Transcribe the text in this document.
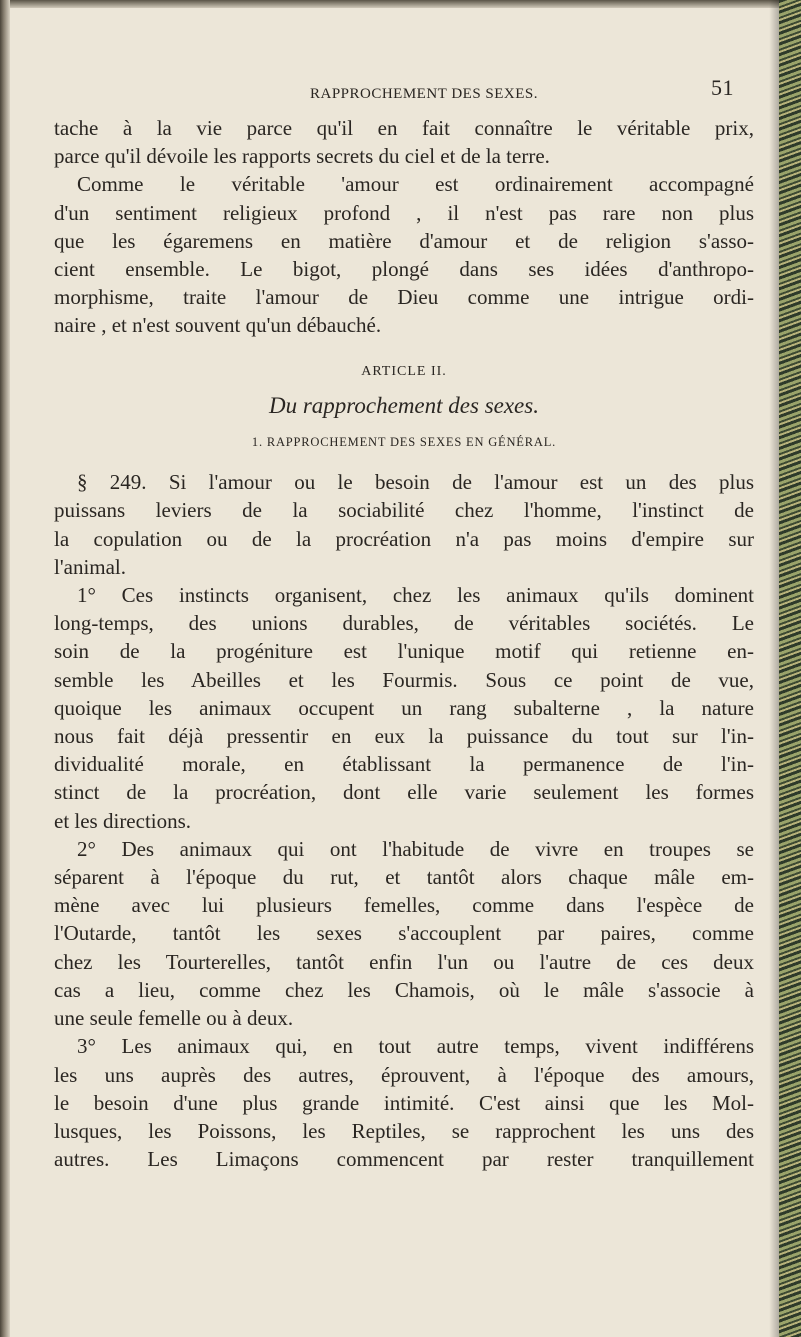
RAPPROCHEMENT DES SEXES.	51
tache à la vie parce qu'il en fait connaître le véritable prix,
parce qu'il dévoile les rapports secrets du ciel et de la terre.
Comme le véritable 'amour est ordinairement accompagné
d'un sentiment religieux profond , il n'est pas rare non plus
que les égaremens en matière d'amour et de religion s'asso-
cient ensemble. Le bigot, plongé dans ses idées d'anthropo-
morphisme, traite l'amour de Dieu comme une intrigue ordi-
naire , et n'est souvent qu'un débauché.
ARTICLE II.
Du rapprochement des sexes.
1. RAPPROCHEMENT DES SEXES EN GÉNÉRAL.
§ 249. Si l'amour ou le besoin de l'amour est un des plus
puissans leviers de la sociabilité chez l'homme, l'instinct de
la copulation ou de la procréation n'a pas moins d'empire sur
l'animal.
1° Ces instincts organisent, chez les animaux qu'ils dominent
long-temps, des unions durables, de véritables sociétés. Le
soin de la progéniture est l'unique motif qui retienne en-
semble les Abeilles et les Fourmis. Sous ce point de vue,
quoique les animaux occupent un rang subalterne , la nature
nous fait déjà pressentir en eux la puissance du tout sur l'in-
dividualité morale, en établissant la permanence de l'in-
stinct de la procréation, dont elle varie seulement les formes
et les directions.
2° Des animaux qui ont l'habitude de vivre en troupes se
séparent à l'époque du rut, et tantôt alors chaque mâle em-
mène avec lui plusieurs femelles, comme dans l'espèce de
l'Outarde, tantôt les sexes s'accouplent par paires, comme
chez les Tourterelles, tantôt enfin l'un ou l'autre de ces deux
cas a lieu, comme chez les Chamois, où le mâle s'associe à
une seule femelle ou à deux.
3° Les animaux qui, en tout autre temps, vivent indifférens
les uns auprès des autres, éprouvent, à l'époque des amours,
le besoin d'une plus grande intimité. C'est ainsi que les Mol-
lusques, les Poissons, les Reptiles, se rapprochent les uns des
autres. Les Limaçons commencent par rester tranquillement
